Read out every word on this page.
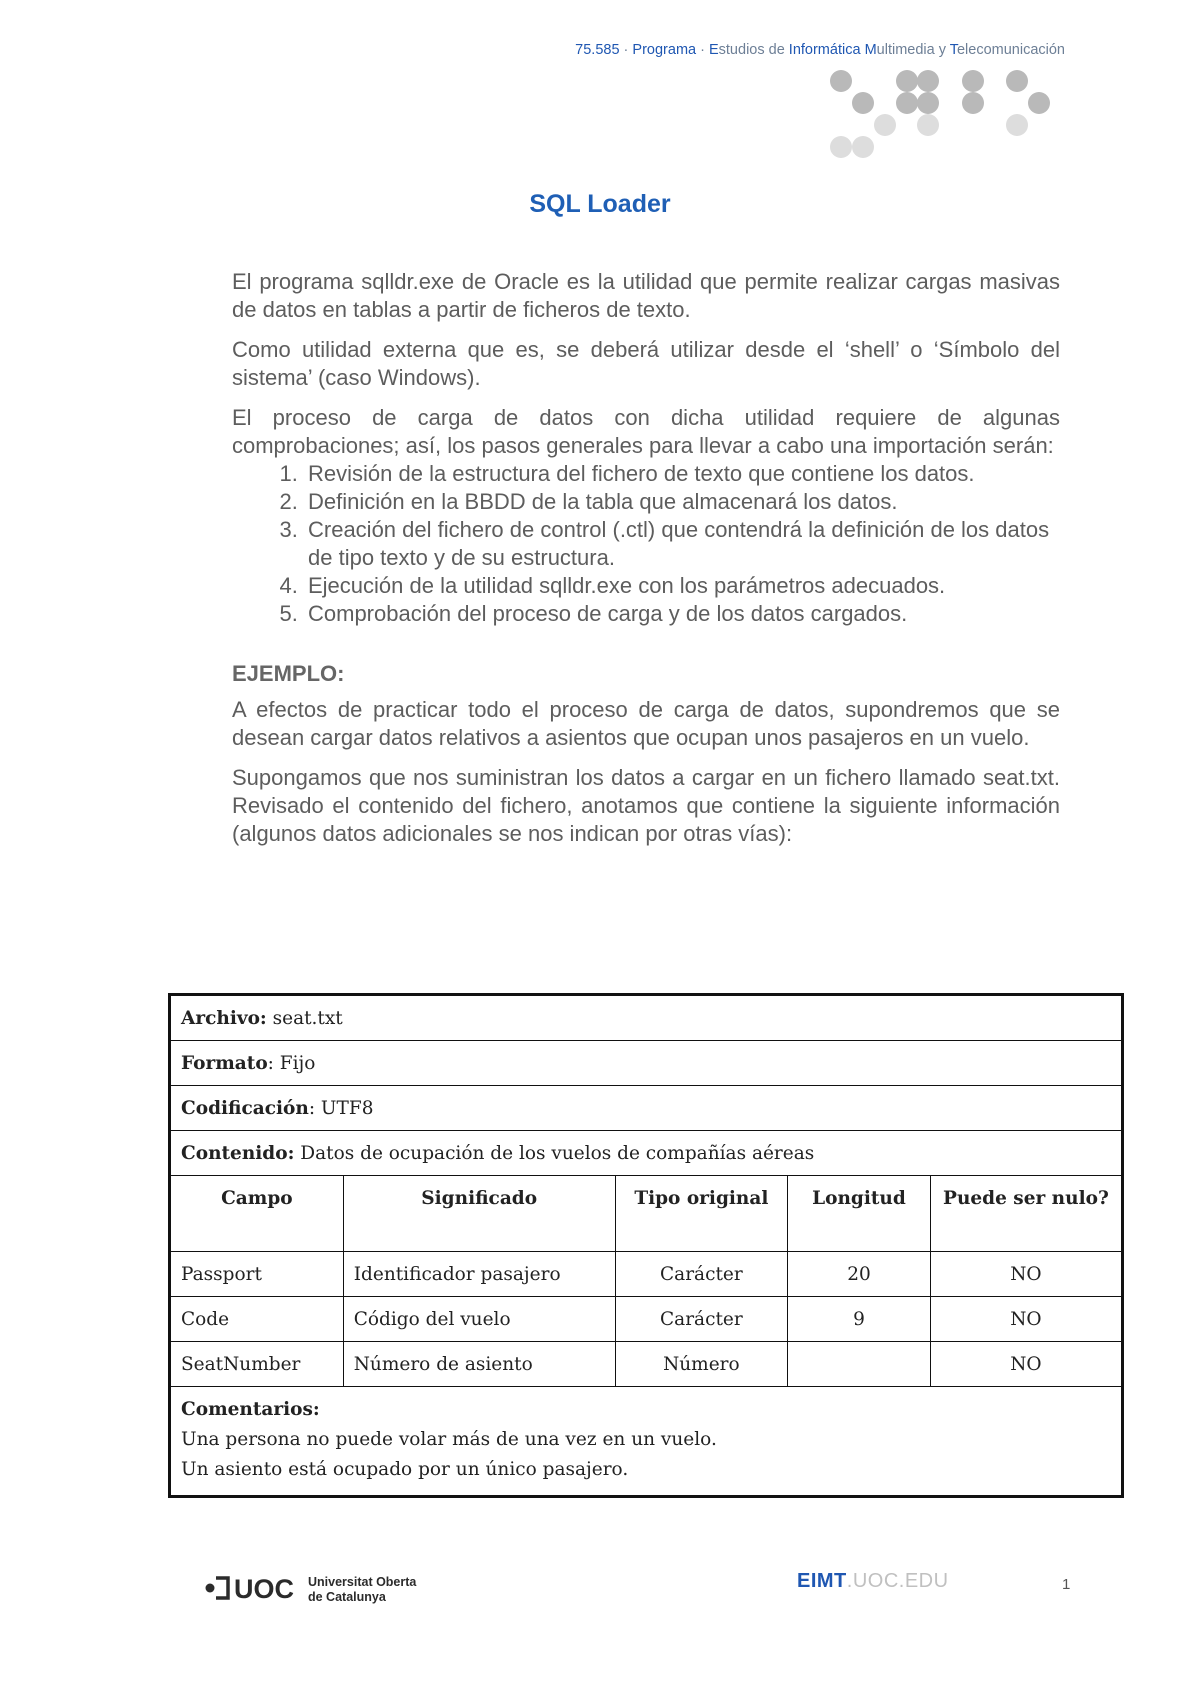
75.585 · Programa · Estudios de Informática Multimedia y Telecomunicación

SQL Loader

El programa sqlldr.exe de Oracle es la utilidad que permite realizar cargas masivas de datos en tablas a partir de ficheros de texto.

Como utilidad externa que es, se deberá utilizar desde el ‘shell’ o ‘Símbolo del sistema’ (caso Windows).

El proceso de carga de datos con dicha utilidad requiere de algunas comprobaciones; así, los pasos generales para llevar a cabo una importación serán:

1. Revisión de la estructura del fichero de texto que contiene los datos.
2. Definición en la BBDD de la tabla que almacenará los datos.
3. Creación del fichero de control (.ctl) que contendrá la definición de los datos de tipo texto y de su estructura.
4. Ejecución de la utilidad sqlldr.exe con los parámetros adecuados.
5. Comprobación del proceso de carga y de los datos cargados.
EJEMPLO:

A efectos de practicar todo el proceso de carga de datos, supondremos que se desean cargar datos relativos a asientos que ocupan unos pasajeros en un vuelo.

Supongamos que nos suministran los datos a cargar en un fichero llamado seat.txt. Revisado el contenido del fichero, anotamos que contiene la siguiente información (algunos datos adicionales se nos indican por otras vías):

Archivo: seat.txt				
Formato: Fijo				
Codificación: UTF8				
Contenido: Datos de ocupación de los vuelos de compañías aéreas				
Campo	Significado	Tipo original	Longitud	Puede ser nulo?
Passport	Identificador pasajero	Carácter	20	NO
Code	Código del vuelo	Carácter	9	NO
SeatNumber	Número de asiento	Número		NO

Comentarios:
Una persona no puede volar más de una vez en un vuelo.
Un asiento está ocupado por un único pasajero.				
UOC Universitat Oberta
de Catalunya

EIMT.UOC.EDU	1
